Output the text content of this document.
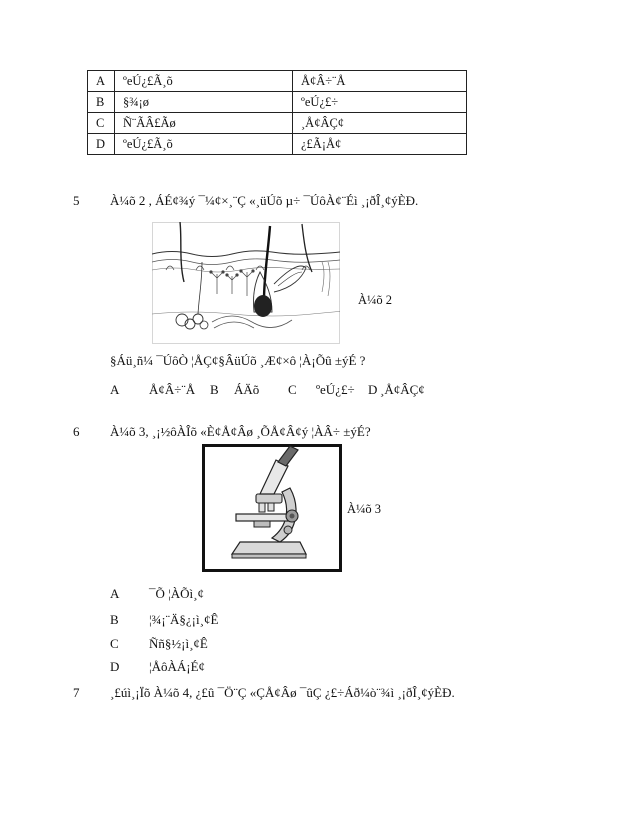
A	ºeÚ¿£Ã¸õ	Å¢Â÷¨Å
B	§¾¡ø	ºeÚ¿£÷
C	Ñ¨ÃÂ£Ãø	¸Å¢ÂÇ¢
D	ºeÚ¿£Ã¸õ	¿£Ã¡Å¢
5 À¼õ 2 , ÁÉ¢¾ý ¯¼¢×¸¨Ç «¸üÚõ µ÷ ¯ÚôÀ¢¨Éì ¸¡ðÎ¸¢ýÈÐ.
À¼õ 2
§Áü¸ñ¼ ¯ÚôÒ ¦ÅÇ¢§ÂüÚõ ¸Æ¢×ô ¦À¡Õû ±ýÉ ?
A Å¢Â÷¨Å B ÁÄõ C ºeÚ¿£÷ D ¸Å¢ÂÇ¢
6 À¼õ 3, ¸¡½ôÀÎõ «È¢Å¢Âø ¸ÕÅ¢Â¢ý ¦ÀÂ÷ ±ýÉ?
À¼õ 3
A ¯Õ ¦ÀÕì¸¢
B ¦¾¡¨Ä§¿¡ì¸¢Ê
C Ññ§½¡ì¸¢Ê
D ¦ÅôÀÁ¡É¢
7 ¸£úì¸¡Ïõ À¼õ 4, ¿£û ¯Ö¨Ç «ÇÅ¢Âø ¯ûÇ ¿£÷Áð¼ò¨¾ì ¸¡ðÎ¸¢ýÈÐ.
